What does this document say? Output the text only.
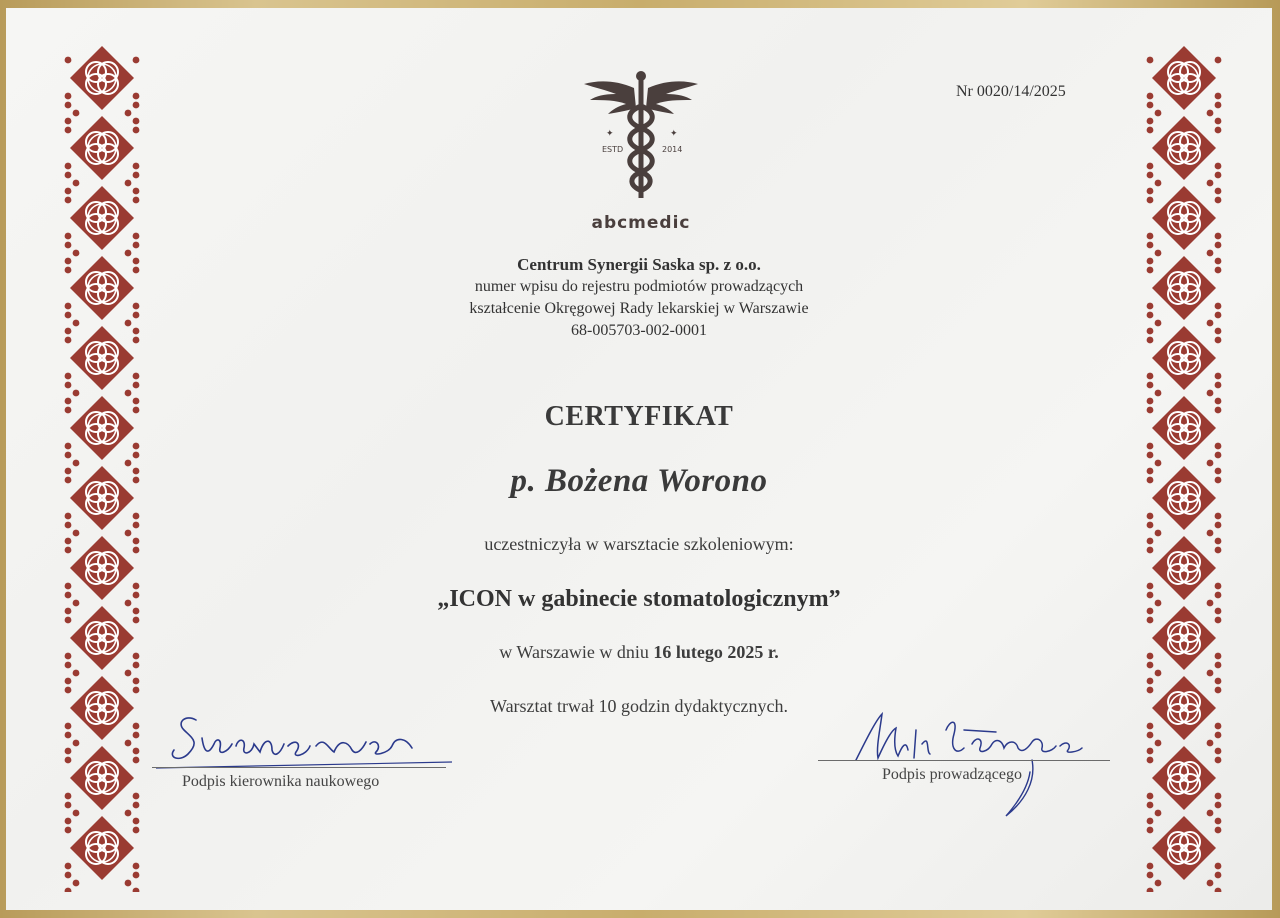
ESTD	2014
✦	✦
abcmedic
Nr 0020/14/2025
Centrum Synergii Saska sp. z o.o.
numer wpisu do rejestru podmiotów prowadzących
kształcenie Okręgowej Rady lekarskiej w Warszawie
68-005703-002-0001
CERTYFIKAT
p. Bożena Worono
uczestniczyła w warsztacie szkoleniowym:
„ICON w gabinecie stomatologicznym”
w Warszawie w dniu 16 lutego 2025 r.
Warsztat trwał 10 godzin dydaktycznych.
Podpis kierownika naukowego	Podpis prowadzącego
